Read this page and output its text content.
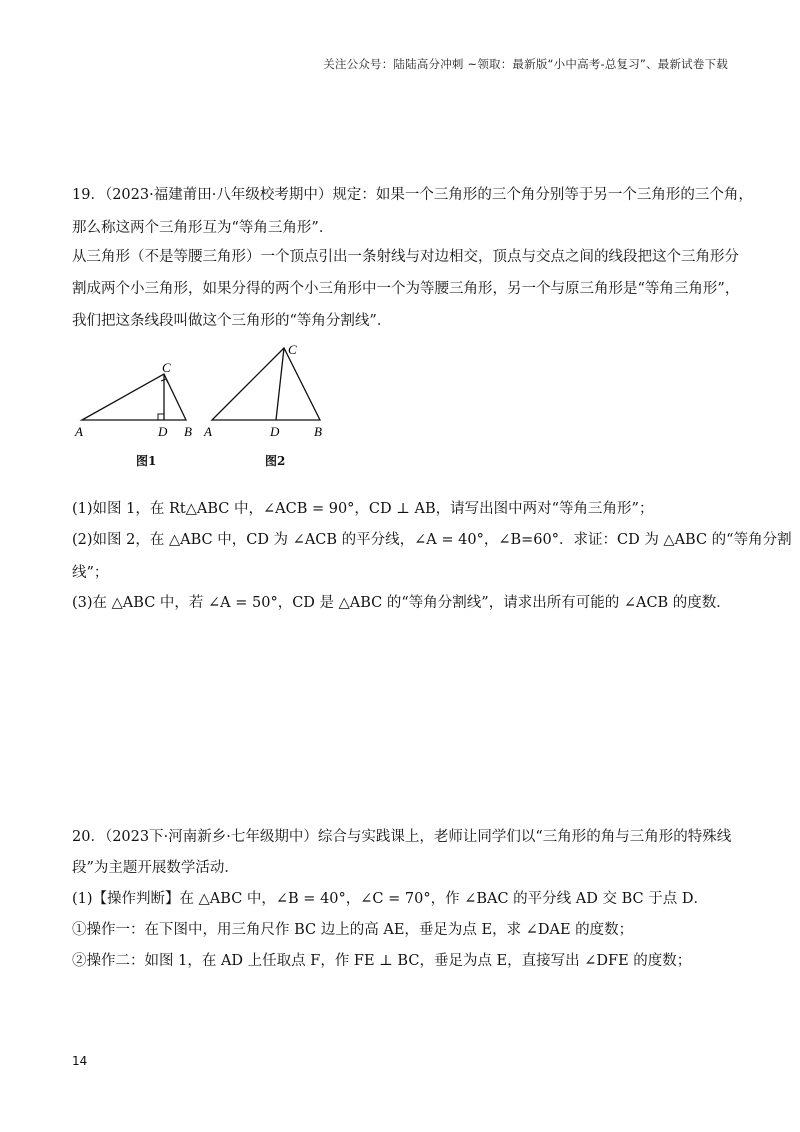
关注公众号：陆陆高分冲刺 ~领取：最新版“小中高考-总复习”、最新试卷下载
19．（2023·福建莆田·八年级校考期中）规定：如果一个三角形的三个角分别等于另一个三角形的三个角，
那么称这两个三角形互为“等角三角形”．
从三角形（不是等腰三角形）一个顶点引出一条射线与对边相交，顶点与交点之间的线段把这个三角形分
割成两个小三角形，如果分得的两个小三角形中一个为等腰三角形，另一个与原三角形是“等角三角形”，
我们把这条线段叫做这个三角形的“等角分割线”．
A
C
D B
图1
A
C
D	B
图2
(1)如图 1，在 Rt△ABC 中，∠ACB = 90°，CD ⊥ AB，请写出图中两对“等角三角形”；
(2)如图 2，在 △ABC 中，CD 为 ∠ACB 的平分线，∠A = 40°，∠B=60°．求证：CD 为 △ABC 的“等角分割
线”；
(3)在 △ABC 中，若 ∠A = 50°，CD 是 △ABC 的“等角分割线”，请求出所有可能的 ∠ACB 的度数．
20．（2023下·河南新乡·七年级期中）综合与实践课上，老师让同学们以“三角形的角与三角形的特殊线
段”为主题开展数学活动．
(1)【操作判断】在 △ABC 中，∠B = 40°，∠C = 70°，作 ∠BAC 的平分线 AD 交 BC 于点 D．
①操作一：在下图中，用三角尺作 BC 边上的高 AE，垂足为点 E，求 ∠DAE 的度数；
②操作二：如图 1，在 AD 上任取点 F，作 FE ⊥ BC，垂足为点 E，直接写出 ∠DFE 的度数；
14
